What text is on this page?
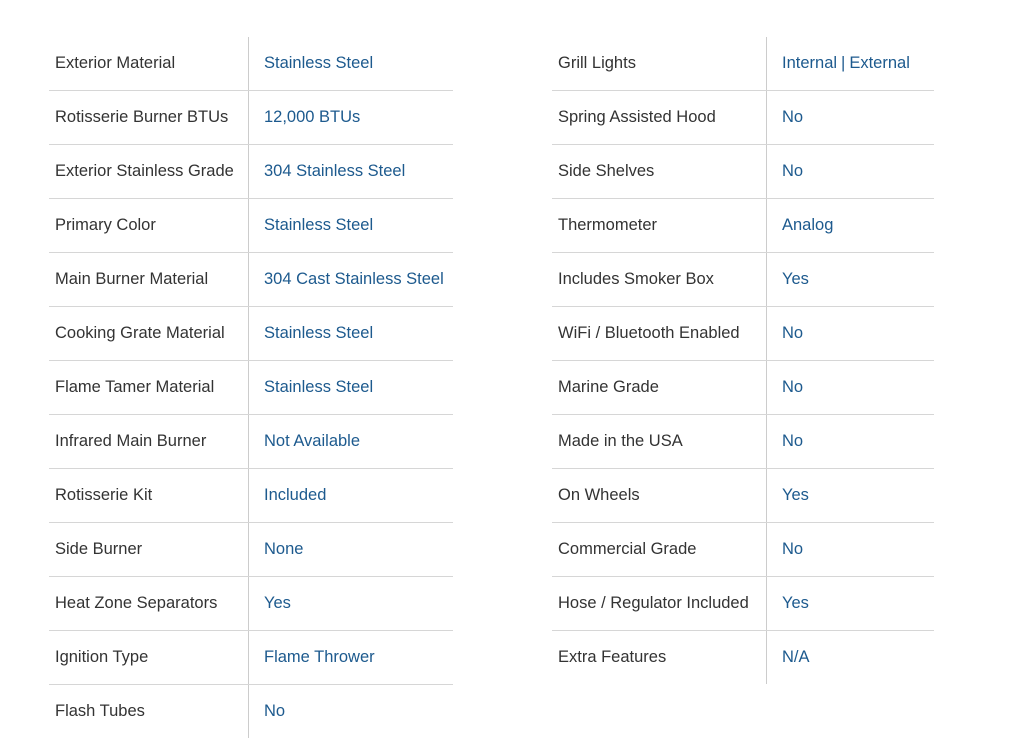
Exterior Material	Stainless Steel
Rotisserie Burner BTUs	12,000 BTUs
Exterior Stainless Grade	304 Stainless Steel
Primary Color	Stainless Steel
Main Burner Material	304 Cast Stainless Steel
Cooking Grate Material	Stainless Steel
Flame Tamer Material	Stainless Steel
Infrared Main Burner	Not Available
Rotisserie Kit	Included
Side Burner	None
Heat Zone Separators	Yes
Ignition Type	Flame Thrower
Flash Tubes	No
Grill Lights	Internal | External
Spring Assisted Hood	No
Side Shelves	No
Thermometer	Analog
Includes Smoker Box	Yes
WiFi / Bluetooth Enabled	No
Marine Grade	No
Made in the USA	No
On Wheels	Yes
Commercial Grade	No
Hose / Regulator Included	Yes
Extra Features	N/A
